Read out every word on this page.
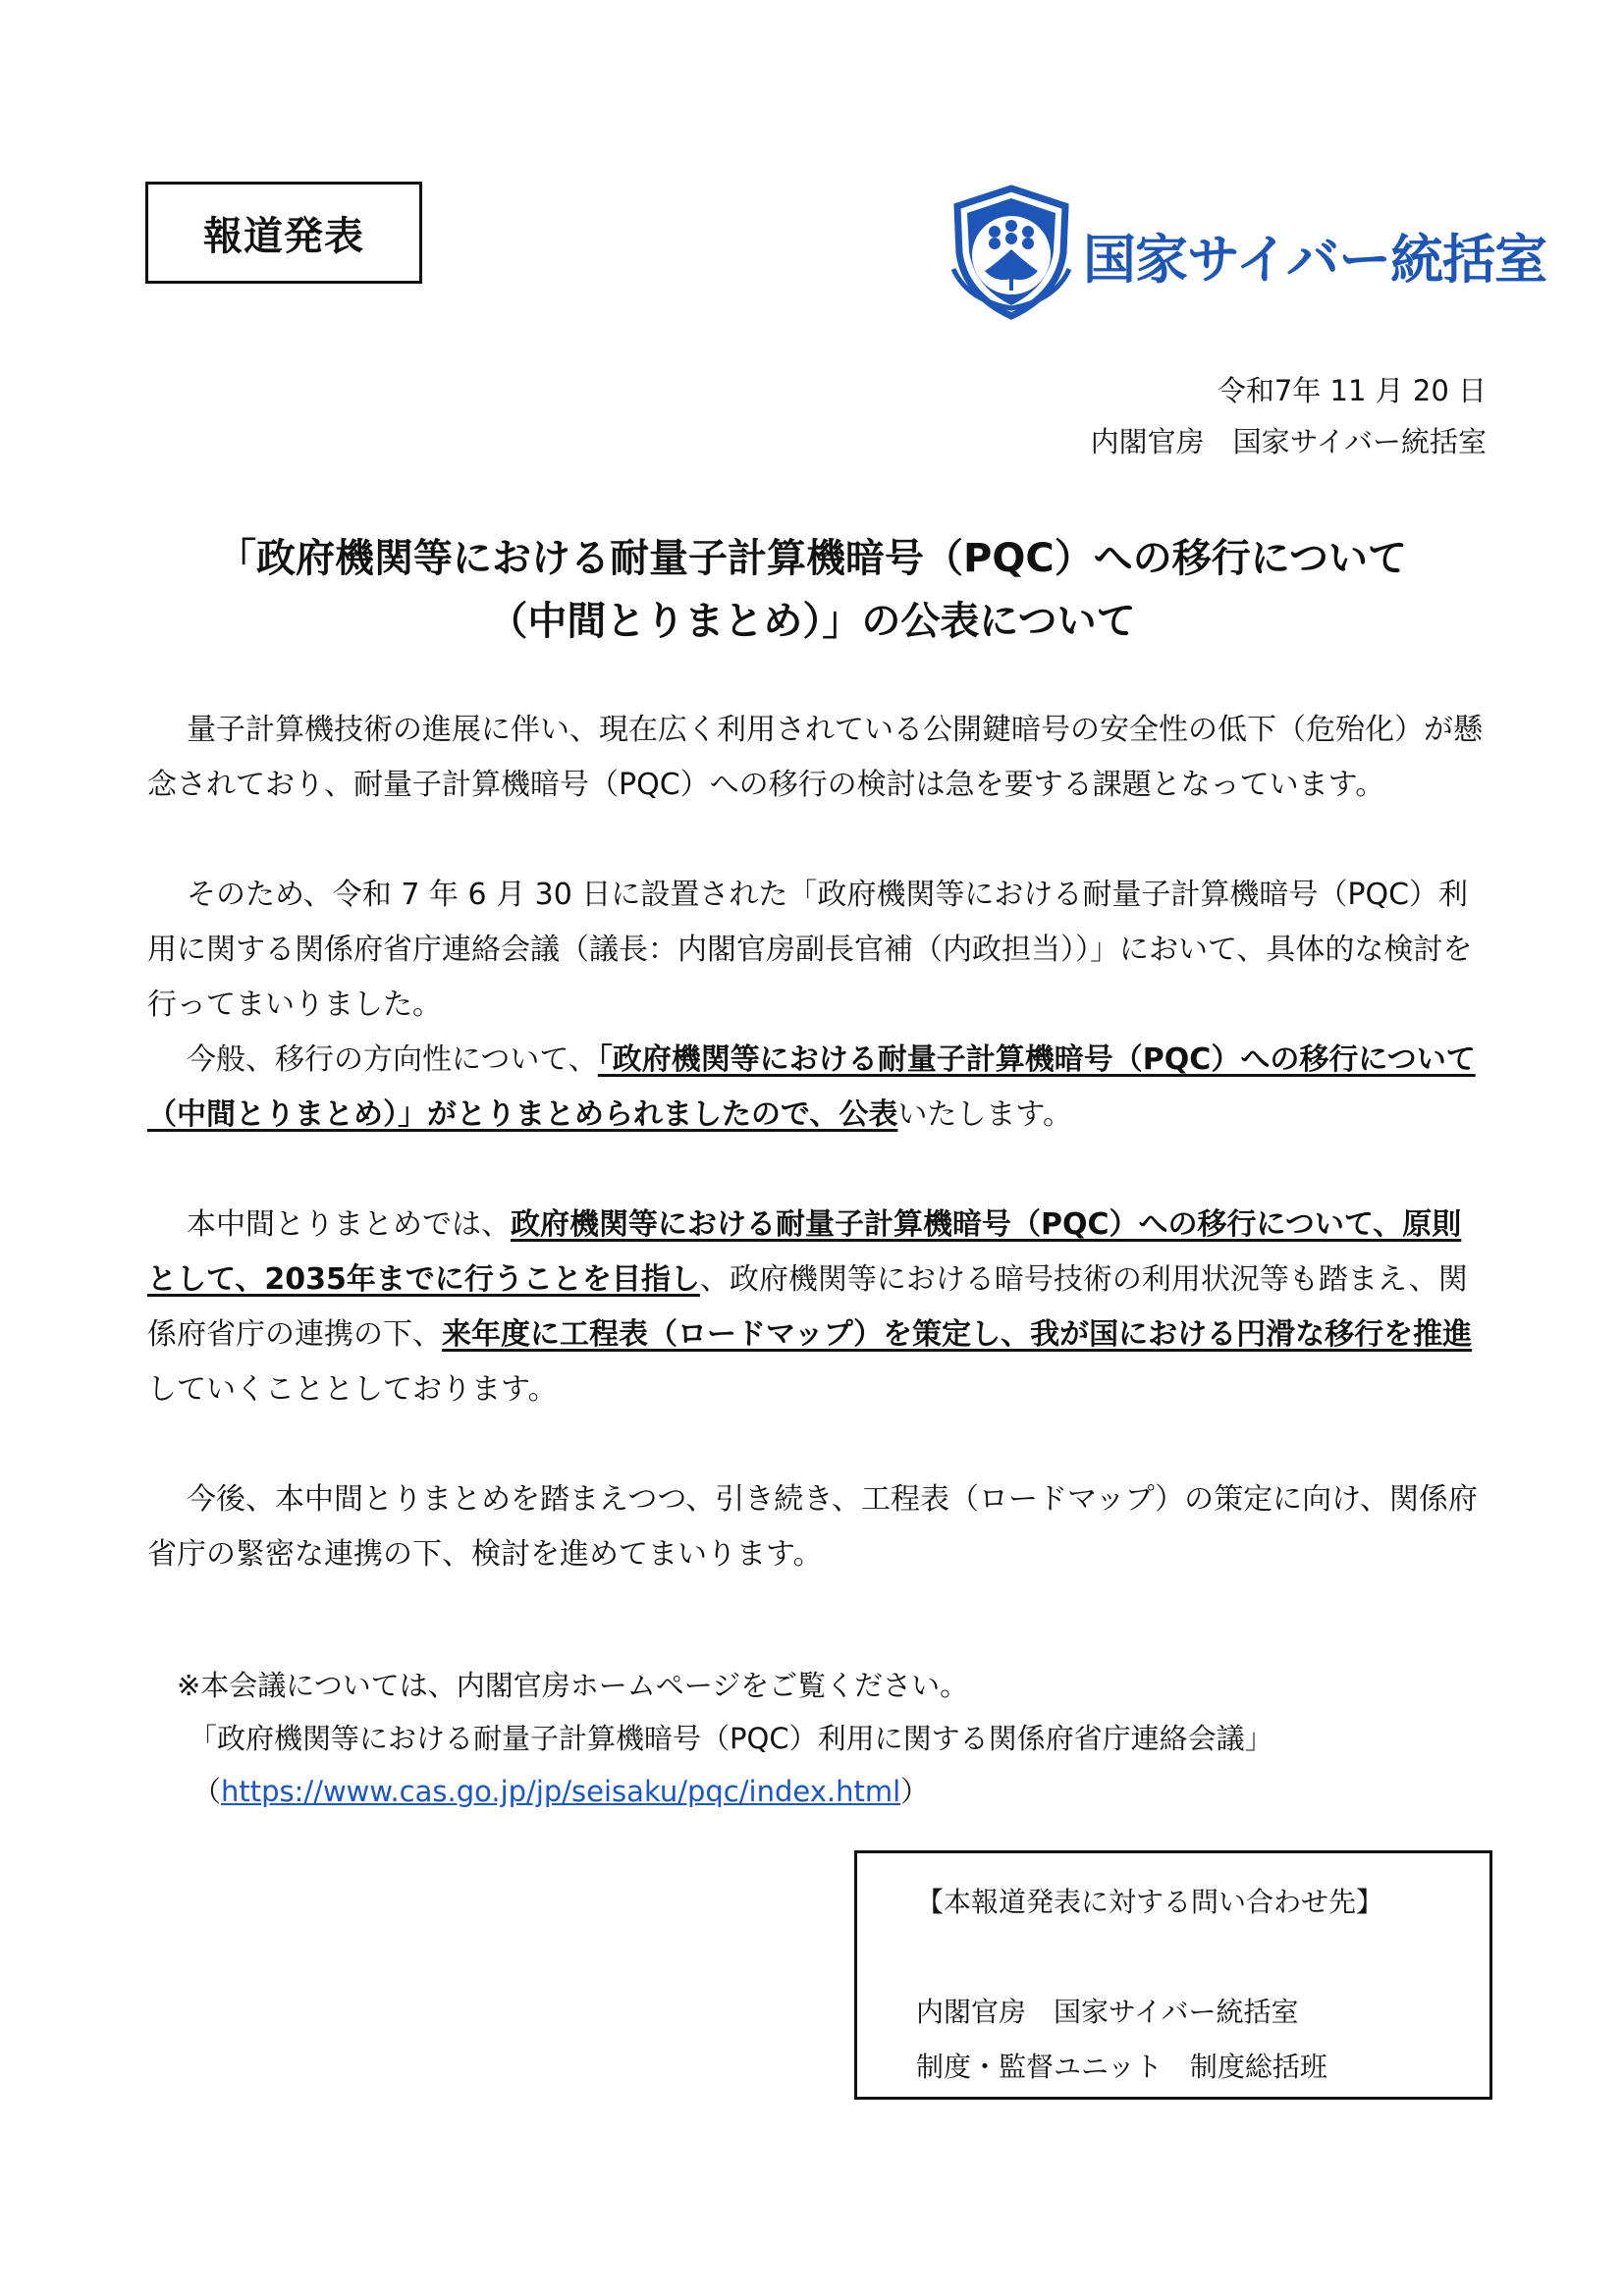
報道発表	国家サイバー統括室
令和7年 11 月 20 日
内閣官房　国家サイバー統括室
「政府機関等における耐量子計算機暗号（PQC）への移行について
（中間とりまとめ）」の公表について
量子計算機技術の進展に伴い、現在広く利用されている公開鍵暗号の安全性の低下（危殆化）が懸念されており、耐量子計算機暗号（PQC）への移行の検討は急を要する課題となっています。
そのため、令和 7 年 6 月 30 日に設置された「政府機関等における耐量子計算機暗号（PQC）利用に関する関係府省庁連絡会議（議長：内閣官房副長官補（内政担当））」において、具体的な検討を行ってまいりました。
今般、移行の方向性について、「政府機関等における耐量子計算機暗号（PQC）への移行について（中間とりまとめ）」がとりまとめられましたので、公表いたします。
本中間とりまとめでは、政府機関等における耐量子計算機暗号（PQC）への移行について、原則として、2035年までに行うことを目指し、政府機関等における暗号技術の利用状況等も踏まえ、関係府省庁の連携の下、来年度に工程表（ロードマップ）を策定し、我が国における円滑な移行を推進していくこととしております。
今後、本中間とりまとめを踏まえつつ、引き続き、工程表（ロードマップ）の策定に向け、関係府省庁の緊密な連携の下、検討を進めてまいります。
※本会議については、内閣官房ホームページをご覧ください。
「政府機関等における耐量子計算機暗号（PQC）利用に関する関係府省庁連絡会議」
（https://www.cas.go.jp/jp/seisaku/pqc/index.html）
【本報道発表に対する問い合わせ先】
内閣官房　国家サイバー統括室
制度・監督ユニット　制度総括班
